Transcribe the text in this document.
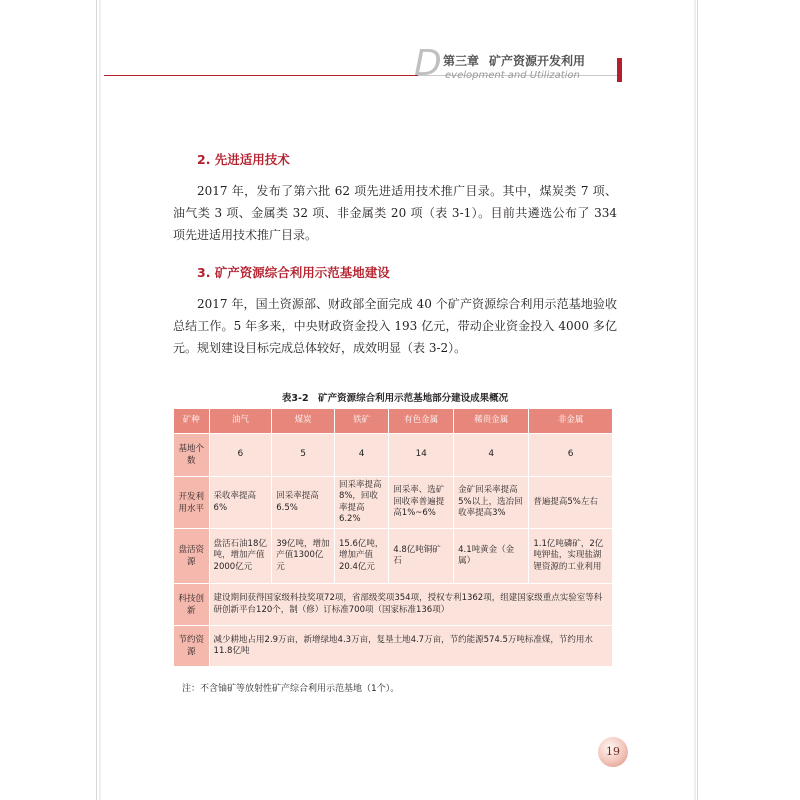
D 第三章 矿产资源开发利用
evelopment and Utilization
2. 先进适用技术
2017 年，发布了第六批 62 项先进适用技术推广目录。其中，煤炭类 7 项、油气类 3 项、金属类 32 项、非金属类 20 项（表 3-1）。目前共遴选公布了 334 项先进适用技术推广目录。
3. 矿产资源综合利用示范基地建设
2017 年，国土资源部、财政部全面完成 40 个矿产资源综合利用示范基地验收总结工作。5 年多来，中央财政资金投入 193 亿元，带动企业资金投入 4000 多亿元。规划建设目标完成总体较好，成效明显（表 3-2）。
表3-2　矿产资源综合利用示范基地部分建设成果概况
矿种	油气	煤炭	铁矿	有色金属	稀贵金属	非金属
基地个数	6	5	4	14	4	6
开发利用水平	采收率提高6%	回采率提高6.5%	回采率提高8%，回收率提高6.2%	回采率、选矿回收率普遍提高1%~6%	金矿回采率提高5%以上，选冶回收率提高3%	普遍提高5%左右
盘活资源	盘活石油18亿吨，增加产值2000亿元	39亿吨，增加产值1300亿元	15.6亿吨，增加产值20.4亿元	4.8亿吨铜矿石	4.1吨黄金（金属）	1.1亿吨磷矿，2亿吨钾盐，实现盐湖锂资源的工业利用
科技创新	建设期间获得国家级科技奖项72项，省部级奖项354项，授权专利1362项，组建国家级重点实验室等科研创新平台120个，制（修）订标准700项（国家标准136项）					
节约资源	减少耕地占用2.9万亩，新增绿地4.3万亩，复垦土地4.7万亩，节约能源574.5万吨标准煤，节约用水11.8亿吨					
注：不含铀矿等放射性矿产综合利用示范基地（1个）。
19
